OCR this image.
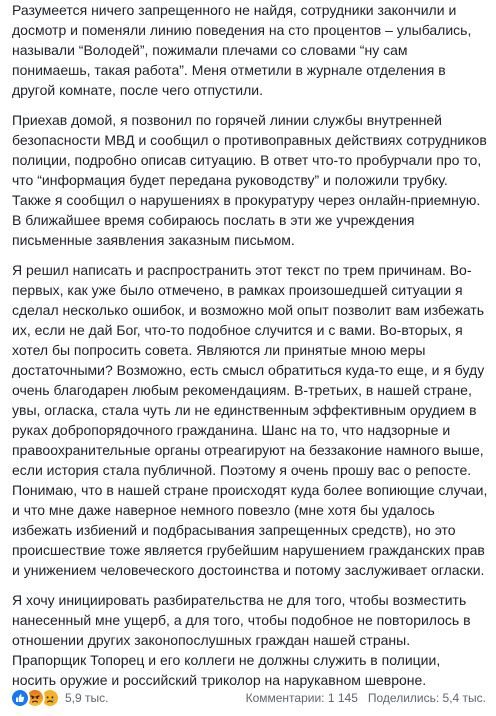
Разумеется ничего запрещенного не найдя, сотрудники закончили и досмотр и поменяли линию поведения на сто процентов – улыбались, называли “Володей”, пожимали плечами со словами “ну сам понимаешь, такая работа”. Меня отметили в журнале отделения в другой комнате, после чего отпустили.

Приехав домой, я позвонил по горячей линии службы внутренней безопасности МВД и сообщил о противоправных действиях сотрудников полиции, подробно описав ситуацию. В ответ что-то пробурчали про то, что “информация будет передана руководству” и положили трубку. Также я сообщил о нарушениях в прокуратуру через онлайн-приемную. В ближайшее время собираюсь послать в эти же учреждения письменные заявления заказным письмом.

Я решил написать и распространить этот текст по трем причинам. Во-первых, как уже было отмечено, в рамках произошедшей ситуации я сделал несколько ошибок, и возможно мой опыт позволит вам избежать их, если не дай Бог, что-то подобное случится и с вами. Во-вторых, я хотел бы попросить совета. Являются ли принятые мною меры достаточными? Возможно, есть смысл обратиться куда-то еще, и я буду очень благодарен любым рекомендациям. В-третьих, в нашей стране, увы, огласка, стала чуть ли не единственным эффективным орудием в руках добропорядочного гражданина. Шанс на то, что надзорные и правоохранительные органы отреагируют на беззаконие намного выше, если история стала публичной. Поэтому я очень прошу вас о репосте. Понимаю, что в нашей стране происходят куда более вопиющие случаи, и что мне даже наверное немного повезло (мне хотя бы удалось избежать избиений и подбрасывания запрещенных средств), но это происшествие тоже является грубейшим нарушением гражданских прав и унижением человеческого достоинства и потому заслуживает огласки.

Я хочу инициировать разбирательства не для того, чтобы возместить нанесенный мне ущерб, а для того, чтобы подобное не повторилось в отношении других законопослушных граждан нашей страны. Прапорщик Топорец и его коллеги не должны служить в полиции, носить оружие и российский триколор на нарукавном шевроне.

5,9 тыс.	Комментарии: 1 145 Поделились: 5,4 тыс.
